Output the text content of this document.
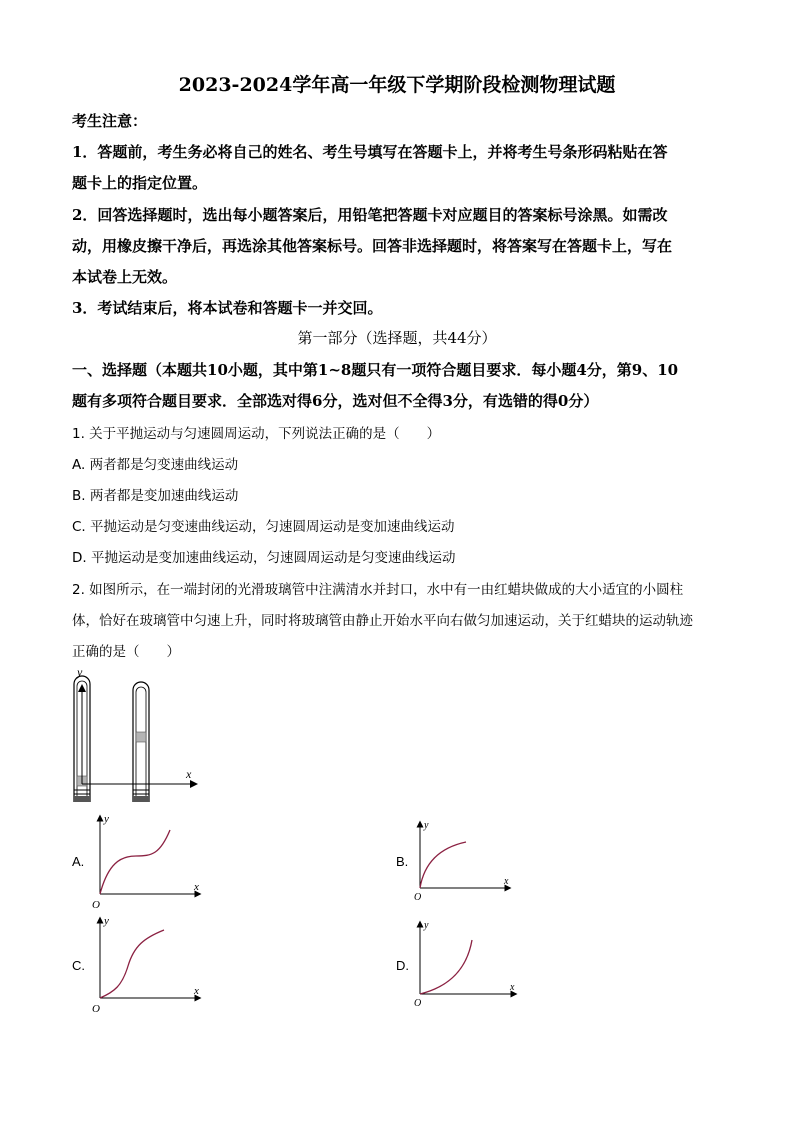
2023-2024学年高一年级下学期阶段检测物理试题
考生注意：
1．答题前，考生务必将自己的姓名、考生号填写在答题卡上，并将考生号条形码粘贴在答
题卡上的指定位置。
2．回答选择题时，选出每小题答案后，用铅笔把答题卡对应题目的答案标号涂黑。如需改
动，用橡皮擦干净后，再选涂其他答案标号。回答非选择题时，将答案写在答题卡上，写在
本试卷上无效。
3．考试结束后，将本试卷和答题卡一并交回。
第一部分（选择题，共44分）
一、选择题（本题共10小题，其中第1~8题只有一项符合题目要求．每小题4分，第9、10
题有多项符合题目要求．全部选对得6分，选对但不全得3分，有选错的得0分）
1. 关于平抛运动与匀速圆周运动，下列说法正确的是（　　）
A. 两者都是匀变速曲线运动
B. 两者都是变加速曲线运动
C. 平抛运动是匀变速曲线运动，匀速圆周运动是变加速曲线运动
D. 平抛运动是变加速曲线运动，匀速圆周运动是匀变速曲线运动
2. 如图所示，在一端封闭的光滑玻璃管中注满清水并封口，水中有一由红蜡块做成的大小适宜的小圆柱
体，恰好在玻璃管中匀速上升，同时将玻璃管由静止开始水平向右做匀加速运动，关于红蜡块的运动轨迹
正确的是（　　）
y
x
A.
y
x
O
B.
y
x
O
C.
y
x
O
D.
y
x
O
